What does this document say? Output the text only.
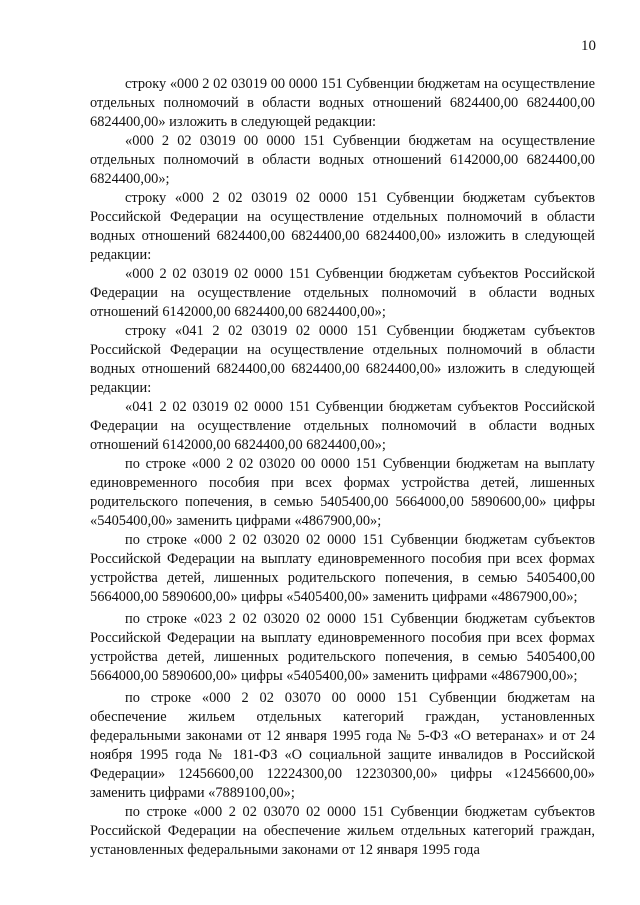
10

строку «000 2 02 03019 00 0000 151 Субвенции бюджетам на осуществление отдельных полномочий в области водных отношений 6824400,00 6824400,00 6824400,00» изложить в следующей редакции:

«000 2 02 03019 00 0000 151 Субвенции бюджетам на осуществление отдельных полномочий в области водных отношений 6142000,00 6824400,00 6824400,00»;

строку «000 2 02 03019 02 0000 151 Субвенции бюджетам субъектов Российской Федерации на осуществление отдельных полномочий в области водных отношений 6824400,00 6824400,00 6824400,00» изложить в следующей редакции:

«000 2 02 03019 02 0000 151 Субвенции бюджетам субъектов Российской Федерации на осуществление отдельных полномочий в области водных отношений 6142000,00 6824400,00 6824400,00»;

строку «041 2 02 03019 02 0000 151 Субвенции бюджетам субъектов Российской Федерации на осуществление отдельных полномочий в области водных отношений 6824400,00 6824400,00 6824400,00» изложить в следующей редакции:

«041 2 02 03019 02 0000 151 Субвенции бюджетам субъектов Российской Федерации на осуществление отдельных полномочий в области водных отношений 6142000,00 6824400,00 6824400,00»;

по строке «000 2 02 03020 00 0000 151 Субвенции бюджетам на выплату единовременного пособия при всех формах устройства детей, лишенных родительского попечения, в семью 5405400,00 5664000,00 5890600,00» цифры «5405400,00» заменить цифрами «4867900,00»;

по строке «000 2 02 03020 02 0000 151 Субвенции бюджетам субъектов Российской Федерации на выплату единовременного пособия при всех формах устройства детей, лишенных родительского попечения, в семью 5405400,00 5664000,00 5890600,00» цифры «5405400,00» заменить цифрами «4867900,00»;

по строке «023 2 02 03020 02 0000 151 Субвенции бюджетам субъектов Российской Федерации на выплату единовременного пособия при всех формах устройства детей, лишенных родительского попечения, в семью 5405400,00 5664000,00 5890600,00» цифры «5405400,00» заменить цифрами «4867900,00»;

по строке «000 2 02 03070 00 0000 151 Субвенции бюджетам на обеспечение жильем отдельных категорий граждан, установленных федеральными законами от 12 января 1995 года № 5-ФЗ «О ветеранах» и от 24 ноября 1995 года № 181-ФЗ «О социальной защите инвалидов в Российской Федерации» 12456600,00 12224300,00 12230300,00» цифры «12456600,00» заменить цифрами «7889100,00»;

по строке «000 2 02 03070 02 0000 151 Субвенции бюджетам субъектов Российской Федерации на обеспечение жильем отдельных категорий граждан, установленных федеральными законами от 12 января 1995 года
